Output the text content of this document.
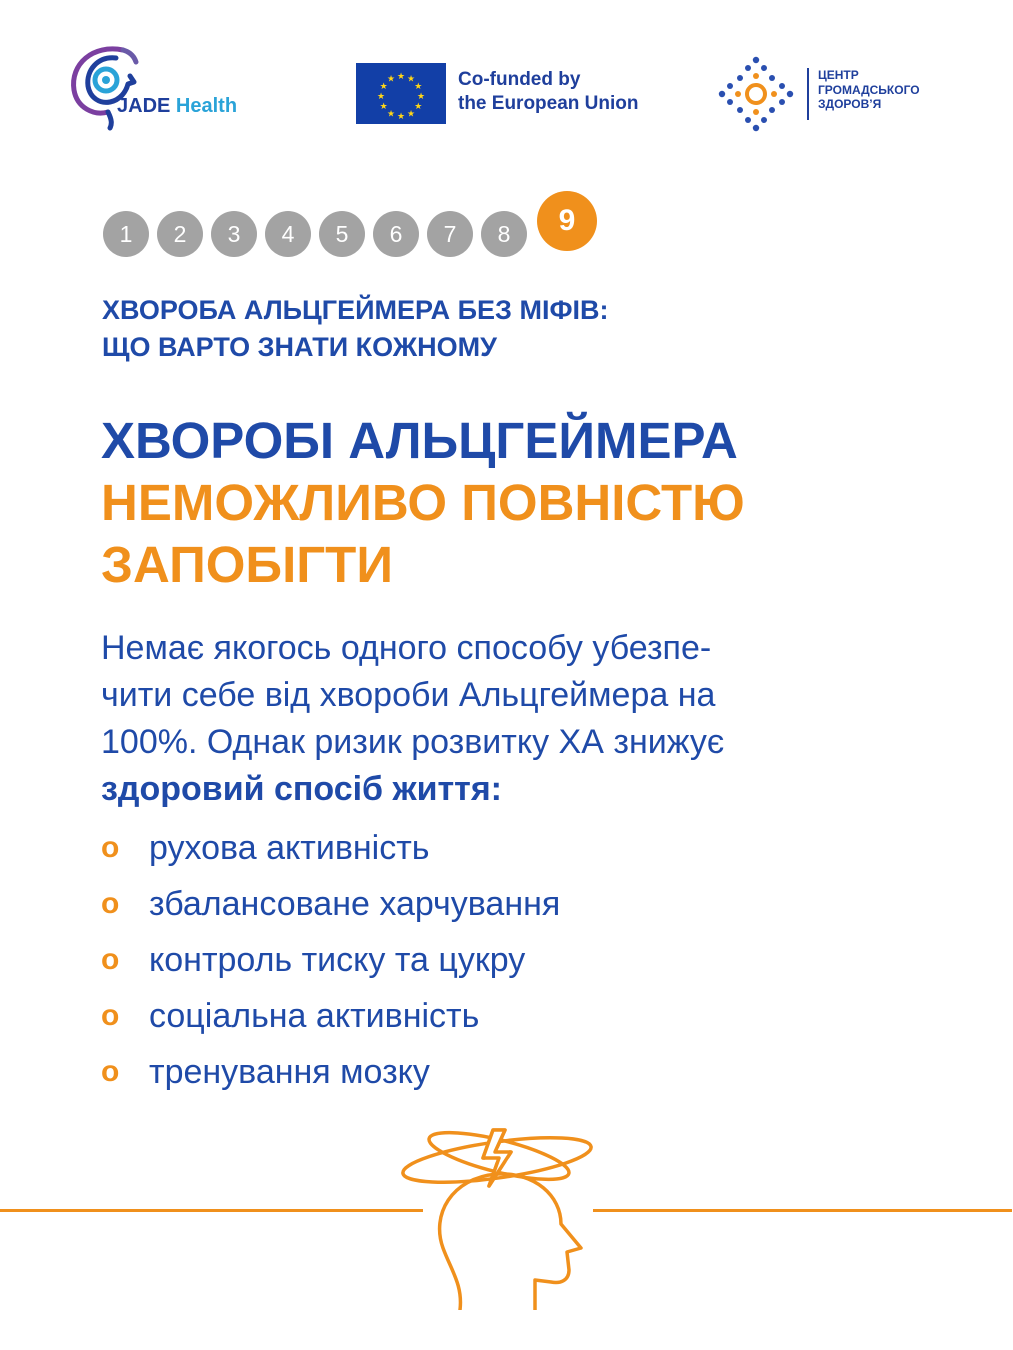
JADE Health
★ ★
★
★
★
★
★
★
★
★
★
★	Co-funded by
the European Union
ЦЕНТР
ГРОМАДСЬКОГО
ЗДОРОВ’Я
1	2	3	4	5	6	7	8	9
ХВОРОБА АЛЬЦГЕЙМЕРА БЕЗ МІФІВ:
ЩО ВАРТО ЗНАТИ КОЖНОМУ
ХВОРОБІ АЛЬЦГЕЙМЕРА
НЕМОЖЛИВО ПОВНІСТЮ
ЗАПОБІГТИ
Немає якогось одного способу убезпе-
чити себе від хвороби Альцгеймера на
100%. Однак ризик розвитку ХА знижує
здоровий спосіб життя:
о рухова активність
о збалансоване харчування
о контроль тиску та цукру
о соціальна активність
о тренування мозку
